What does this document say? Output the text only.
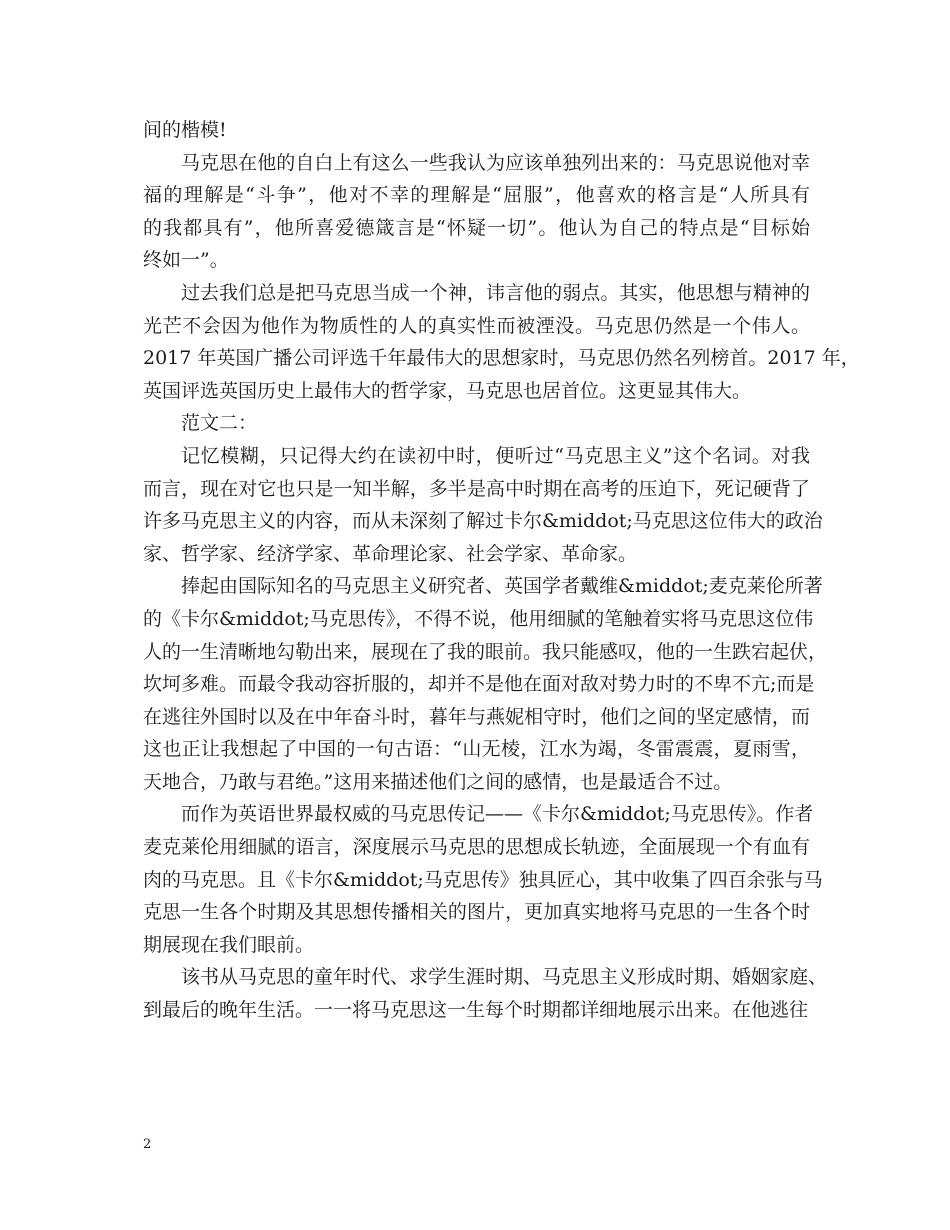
间的楷模!
马克思在他的自白上有这么一些我认为应该单独列出来的：马克思说他对幸
福的理解是“斗争”，他对不幸的理解是“屈服”，他喜欢的格言是“人所具有
的我都具有”，他所喜爱德箴言是“怀疑一切”。他认为自己的特点是“目标始
终如一”。
过去我们总是把马克思当成一个神，讳言他的弱点。其实，他思想与精神的
光芒不会因为他作为物质性的人的真实性而被湮没。马克思仍然是一个伟人。
2017 年英国广播公司评选千年最伟大的思想家时，马克思仍然名列榜首。2017 年，
英国评选英国历史上最伟大的哲学家，马克思也居首位。这更显其伟大。
范文二：
记忆模糊，只记得大约在读初中时，便听过“马克思主义”这个名词。对我
而言，现在对它也只是一知半解，多半是高中时期在高考的压迫下，死记硬背了
许多马克思主义的内容，而从未深刻了解过卡尔&middot;马克思这位伟大的政治
家、哲学家、经济学家、革命理论家、社会学家、革命家。
捧起由国际知名的马克思主义研究者、英国学者戴维&middot;麦克莱伦所著
的《卡尔&middot;马克思传》，不得不说，他用细腻的笔触着实将马克思这位伟
人的一生清晰地勾勒出来，展现在了我的眼前。我只能感叹，他的一生跌宕起伏，
坎坷多难。而最令我动容折服的，却并不是他在面对敌对势力时的不卑不亢;而是
在逃往外国时以及在中年奋斗时，暮年与燕妮相守时，他们之间的坚定感情，而
这也正让我想起了中国的一句古语：“山无棱，江水为竭，冬雷震震，夏雨雪，
天地合，乃敢与君绝。”这用来描述他们之间的感情，也是最适合不过。
而作为英语世界最权威的马克思传记——《卡尔&middot;马克思传》。作者
麦克莱伦用细腻的语言，深度展示马克思的思想成长轨迹，全面展现一个有血有
肉的马克思。且《卡尔&middot;马克思传》独具匠心，其中收集了四百余张与马
克思一生各个时期及其思想传播相关的图片，更加真实地将马克思的一生各个时
期展现在我们眼前。
该书从马克思的童年时代、求学生涯时期、马克思主义形成时期、婚姻家庭、
到最后的晚年生活。一一将马克思这一生每个时期都详细地展示出来。在他逃往
2
